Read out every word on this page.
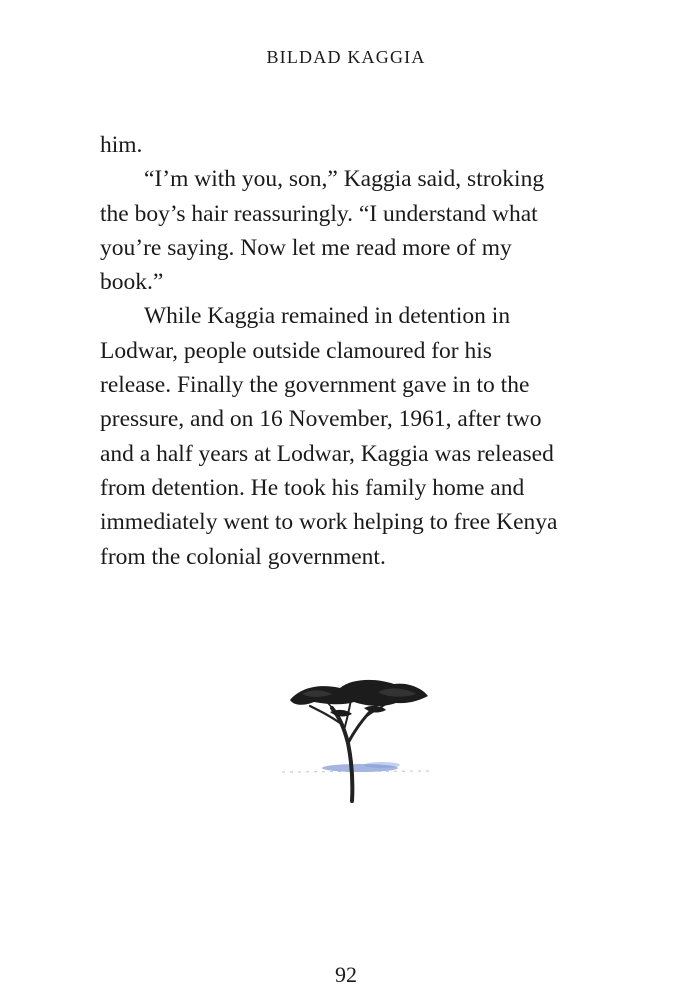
BILDAD KAGGIA
him.
“I’m with you, son,” Kaggia said, stroking
the boy’s hair reassuringly. “I understand what
you’re saying. Now let me read more of my
book.”
While Kaggia remained in detention in
Lodwar, people outside clamoured for his
release. Finally the government gave in to the
pressure, and on 16 November, 1961, after two
and a half years at Lodwar, Kaggia was released
from detention. He took his family home and
immediately went to work helping to free Kenya
from the colonial government.
92
